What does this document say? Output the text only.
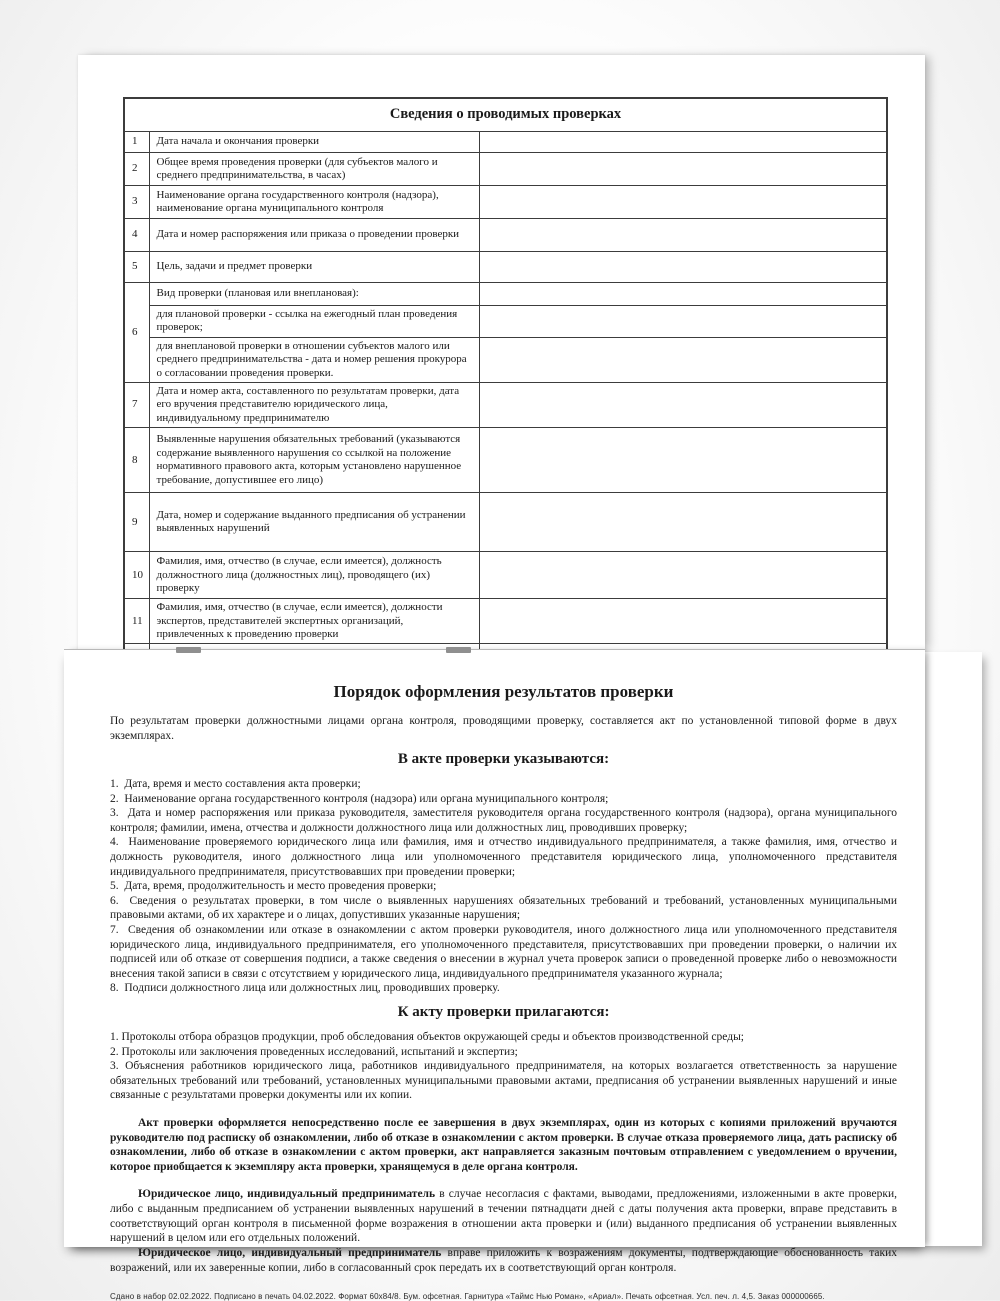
Сведения о проводимых проверках		
1	Дата начала и окончания проверки	
2	Общее время проведения проверки (для субъектов малого и среднего предпринимательства, в часах)	
3	Наименование органа государственного контроля (надзора), наименование органа муниципального контроля	
4	Дата и номер распоряжения или приказа о проведении проверки	
5	Цель, задачи и предмет проверки	
6	Вид проверки (плановая или внеплановая):	
	для плановой проверки - ссылка на ежегодный план проведения проверок;	
	для внеплановой проверки в отношении субъектов малого или среднего предпринимательства - дата и номер решения прокурора о согласовании проведения проверки.	
7	Дата и номер акта, составленного по результатам проверки, дата его вручения представителю юридического лица, индивидуальному предпринимателю	
8	Выявленные нарушения обязательных требований (указываются содержание выявленного нарушения со ссылкой на положение нормативного правового акта, которым установлено нарушенное требование, допустившее его лицо)	
9	Дата, номер и содержание выданного предписания об устранении выявленных нарушений	
10	Фамилия, имя, отчество (в случае, если имеется), должность должностного лица (должностных лиц), проводящего (их) проверку	
11	Фамилия, имя, отчество (в случае, если имеется), должности экспертов, представителей экспертных организаций, привлеченных к проведению проверки	

Порядок оформления результатов проверки

По результатам проверки должностными лицами органа контроля, проводящими проверку, составляется акт по установленной типовой форме в двух экземплярах.

В акте проверки указываются:

1.  Дата, время и место составления акта проверки;

2.  Наименование органа государственного контроля (надзора) или органа муниципального контроля;

3.  Дата и номер распоряжения или приказа руководителя, заместителя руководителя органа государственного контроля (надзора), органа муниципального контроля; фамилии, имена, отчества и должности должностного лица или должностных лиц, проводивших проверку;

4.  Наименование проверяемого юридического лица или фамилия, имя и отчество индивидуального предпринимателя, а также фамилия, имя, отчество и должность руководителя, иного должностного лица или уполномоченного представителя юридического лица, уполномоченного представителя индивидуального предпринимателя, присутствовавших при проведении проверки;

5.  Дата, время, продолжительность и место проведения проверки;

6.  Сведения о результатах проверки, в том числе о выявленных нарушениях обязательных требований и требований, установленных муниципальными правовыми актами, об их характере и о лицах, допустивших указанные нарушения;

7.  Сведения об ознакомлении или отказе в ознакомлении с актом проверки руководителя, иного должностного лица или уполномоченного представителя юридического лица, индивидуального предпринимателя, его уполномоченного представителя, присутствовавших при проведении проверки, о наличии их подписей или об отказе от совершения подписи, а также сведения о внесении в журнал учета проверок записи о проведенной проверке либо о невозможности внесения такой записи в связи с отсутствием у юридического лица, индивидуального предпринимателя указанного журнала;

8.  Подписи должностного лица или должностных лиц, проводивших проверку.

К акту проверки прилагаются:

1. Протоколы отбора образцов продукции, проб обследования объектов окружающей среды и объектов производственной среды;

2. Протоколы или заключения проведенных исследований, испытаний и экспертиз;

3. Объяснения работников юридического лица, работников индивидуального предпринимателя, на которых возлагается ответственность за нарушение обязательных требований или требований, установленных муниципальными правовыми актами, предписания об устранении выявленных нарушений и иные связанные с результатами проверки документы или их копии.

Акт проверки оформляется непосредственно после ее завершения в двух экземплярах, один из которых с копиями приложений вручаются руководителю под расписку об ознакомлении, либо об отказе в ознакомлении с актом проверки. В случае отказа проверяемого лица, дать расписку об ознакомлении, либо об отказе в ознакомлении с актом проверки, акт направляется заказным почтовым отправлением с уведомлением о вручении, которое приобщается к экземпляру акта проверки, хранящемуся в деле органа контроля.

Юридическое лицо, индивидуальный предприниматель в случае несогласия с фактами, выводами, предложениями, изложенными в акте проверки, либо с выданным предписанием об устранении выявленных нарушений в течении пятнадцати дней с даты получения акта проверки, вправе представить в соответствующий орган контроля в письменной форме возражения в отношении акта проверки и (или) выданного предписания об устранении выявленных нарушений в целом или его отдельных положений.

Юридическое лицо, индивидуальный предприниматель вправе приложить к возражениям документы, подтверждающие обоснованность таких возражений, или их заверенные копии, либо в согласованный срок передать их в соответствующий орган контроля.

Сдано в набор 02.02.2022. Подписано в печать 04.02.2022. Формат 60х84/8. Бум. офсетная. Гарнитура «Таймс Нью Роман», «Ариал». Печать офсетная. Усл. печ. л. 4,5. Заказ 000000665.
